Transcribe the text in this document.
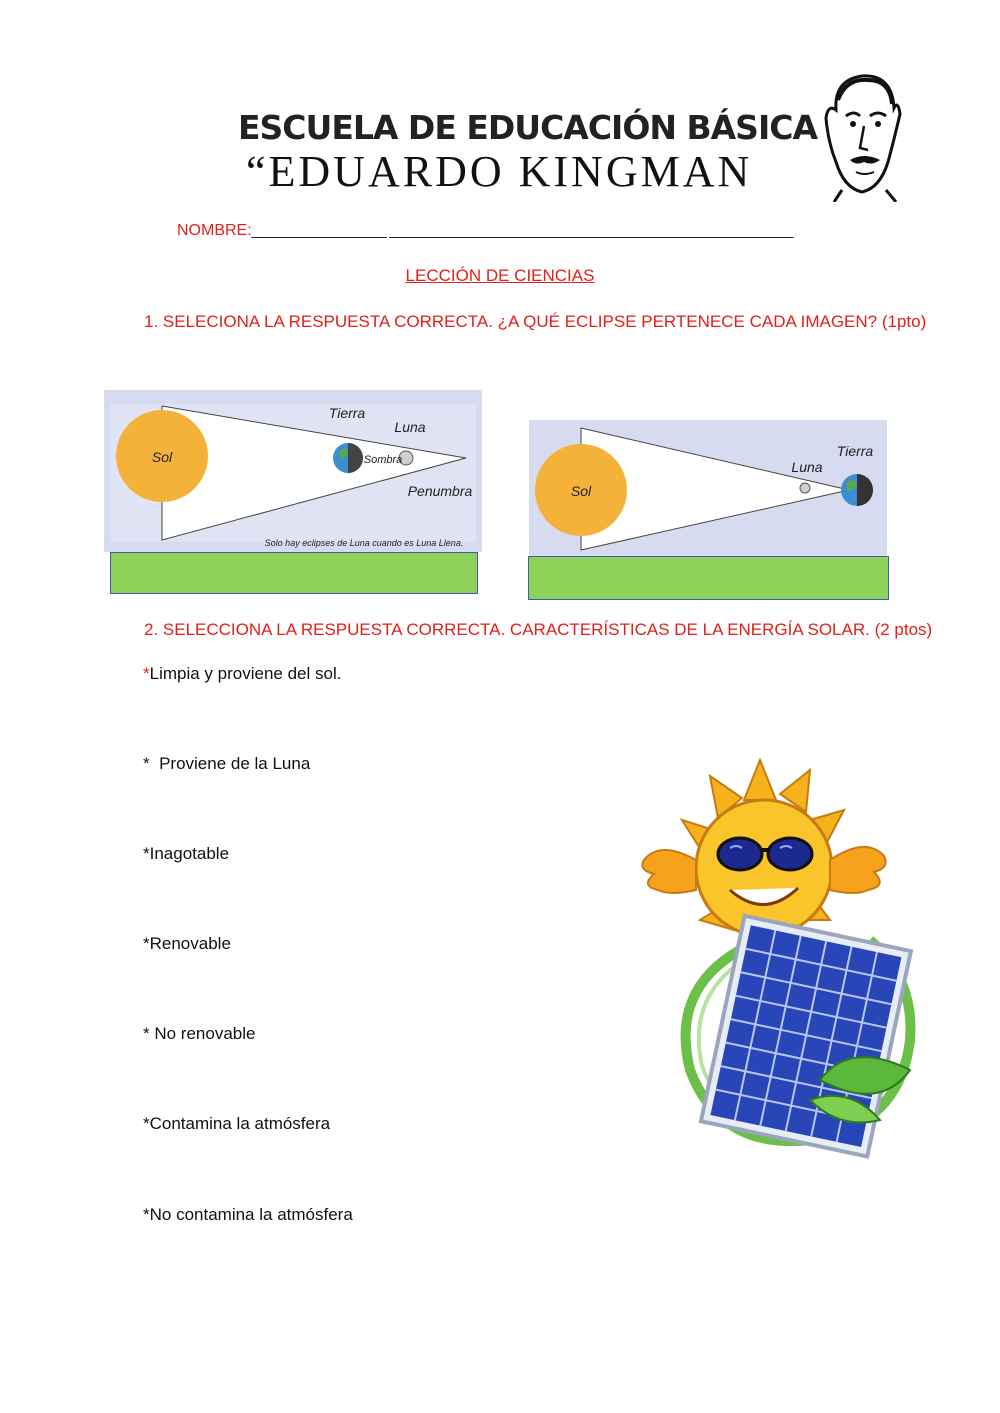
ESCUELA DE EDUCACIÓN BÁSICA
“EDUARDO KINGMAN
NOMBRE:_________________ ___________________________________________________
LECCIÓN DE CIENCIAS
1. SELECIONA LA RESPUESTA CORRECTA. ¿A QUÉ ECLIPSE PERTENECE CADA IMAGEN? (1pto)
Sol
Tierra
Luna
Sombra
Penumbra
Solo hay eclipses de Luna cuando es Luna Llena.
Sol
Luna
Tierra
2. SELECCIONA LA RESPUESTA CORRECTA. CARACTERÍSTICAS DE LA ENERGÍA SOLAR. (2 ptos)
*Limpia y proviene del sol.
*  Proviene de la Luna
*Inagotable
*Renovable
* No renovable
*Contamina la atmósfera
*No contamina la atmósfera
